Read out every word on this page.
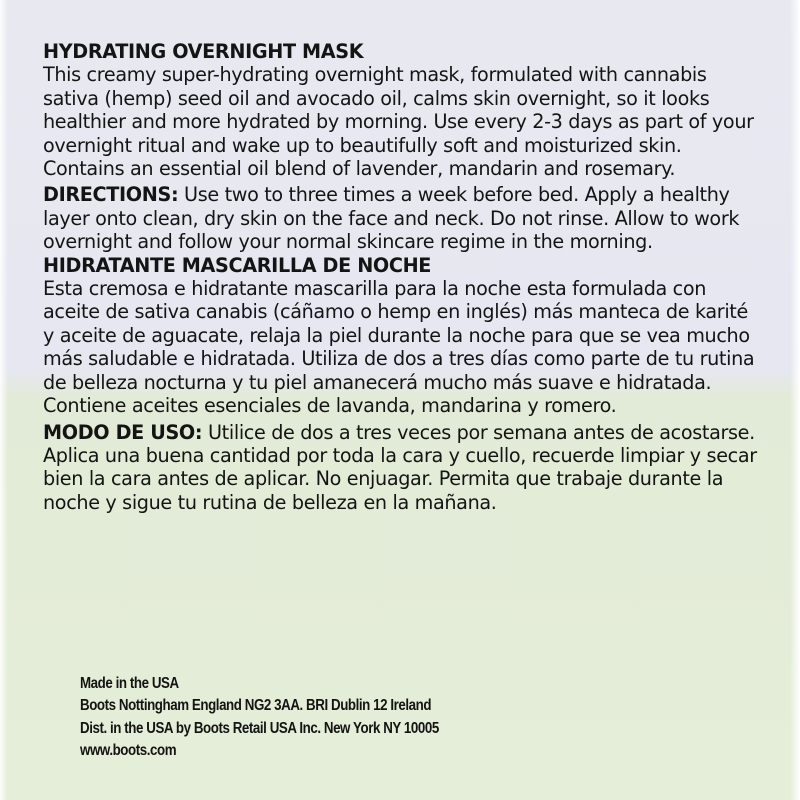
HYDRATING OVERNIGHT MASK

This creamy super-hydrating overnight mask, formulated with cannabis sativa (hemp) seed oil and avocado oil, calms skin overnight, so it looks healthier and more hydrated by morning. Use every 2-3 days as part of your overnight ritual and wake up to beautifully soft and moisturized skin. Contains an essential oil blend of lavender, mandarin and rosemary.

DIRECTIONS: Use two to three times a week before bed. Apply a healthy layer onto clean, dry skin on the face and neck. Do not rinse. Allow to work overnight and follow your normal skincare regime in the morning.

HIDRATANTE MASCARILLA DE NOCHE

Esta cremosa e hidratante mascarilla para la noche esta formulada con aceite de sativa canabis (cáñamo o hemp en inglés) más manteca de karité y aceite de aguacate, relaja la piel durante la noche para que se vea mucho más saludable e hidratada. Utiliza de dos a tres días como parte de tu rutina de belleza nocturna y tu piel amanecerá mucho más suave e hidratada. Contiene aceites esenciales de lavanda, mandarina y romero.

MODO DE USO: Utilice de dos a tres veces por semana antes de acostarse. Aplica una buena cantidad por toda la cara y cuello, recuerde limpiar y secar bien la cara antes de aplicar. No enjuagar. Permita que trabaje durante la noche y sigue tu rutina de belleza en la mañana.

Made in the USA
Boots Nottingham England NG2 3AA. BRI Dublin 12 Ireland
Dist. in the USA by Boots Retail USA Inc. New York NY 10005
www.boots.com
